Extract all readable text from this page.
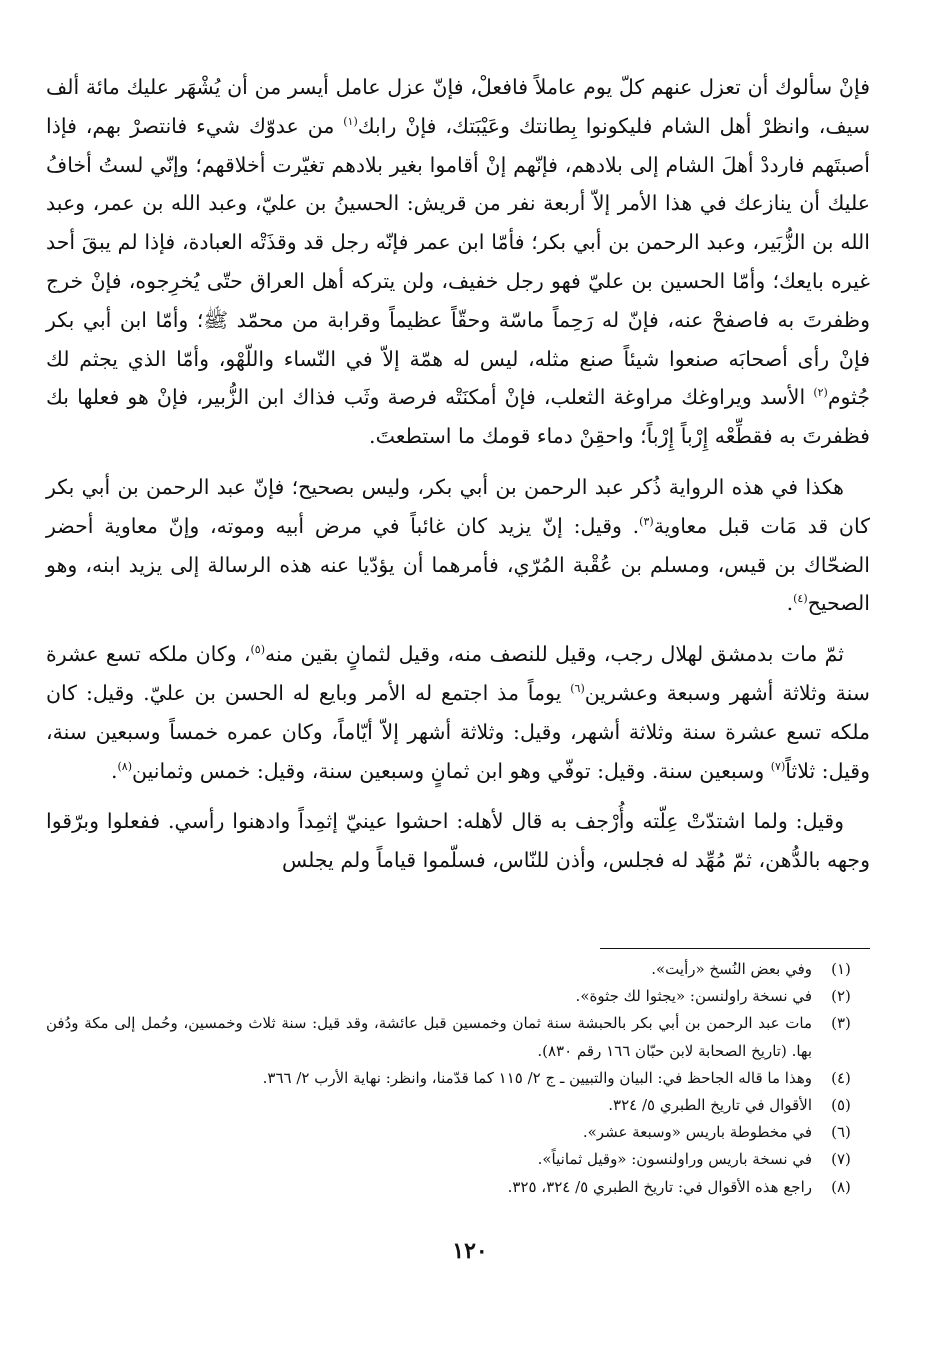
فإنْ سألوك أن تعزل عنهم كلّ يوم عاملاً فافعلْ، فإنّ عزل عامل أيسر من أن يُشْهَر عليك مائة ألف سيف، وانظرْ أهل الشام فليكونوا بِطانتك وعَيْبَتك، فإنْ رابك$^{(١)}$ من عدوّك شيء فانتصرْ بهم، فإذا أصبتَهم فارددْ أهلَ الشام إلى بلادهم، فإنّهم إنْ أقاموا بغير بلادهم تغيّرت أخلاقهم؛ وإنّي لستُ أخافُ عليك أن ينازعك في هذا الأمر إلاّ أربعة نفر من قريش: الحسينُ بن عليّ، وعبد الله بن عمر، وعبد الله بن الزُّبَير، وعبد الرحمن بن أبي بكر؛ فأمّا ابن عمر فإنّه رجل قد وقذَتْه العبادة، فإذا لم يبقَ أحد غيره بايعك؛ وأمّا الحسين بن عليّ فهو رجل خفيف، ولن يتركه أهل العراق حتّى يُخرِجوه، فإنْ خرج وظفرتَ به فاصفحْ عنه، فإنّ له رَحِماً ماسّة وحقّاً عظيماً وقرابة من محمّد ﷺ؛ وأمّا ابن أبي بكر فإنْ رأى أصحابَه صنعوا شيئاً صنع مثله، ليس له همّة إلاّ في النّساء واللّهْو، وأمّا الذي يجثم لك جُثوم$^{(٢)}$ الأسد ويراوغك مراوغة الثعلب، فإنْ أمكنَتْه فرصة وثَب فذاك ابن الزُّبير، فإنْ هو فعلها بك فظفرتَ به فقطِّعْه إِرْباً إِرْباً؛ واحقِنْ دماء قومك ما استطعتَ.

هكذا في هذه الرواية ذُكر عبد الرحمن بن أبي بكر، وليس بصحيح؛ فإنّ عبد الرحمن بن أبي بكر كان قد مَات قبل معاوية$^{(٣)}$. وقيل: إنّ يزيد كان غائباً في مرض أبيه وموته، وإنّ معاوية أحضر الضحّاك بن قيس، ومسلم بن عُقْبة المُرّي، فأمرهما أن يؤدّيا عنه هذه الرسالة إلى يزيد ابنه، وهو الصحيح$^{(٤)}$.

ثمّ مات بدمشق لهلال رجب، وقيل للنصف منه، وقيل لثمانٍ بقين منه$^{(٥)}$، وكان ملكه تسع عشرة سنة وثلاثة أشهر وسبعة وعشرين$^{(٦)}$ يوماً مذ اجتمع له الأمر وبايع له الحسن بن عليّ. وقيل: كان ملكه تسع عشرة سنة وثلاثة أشهر، وقيل: وثلاثة أشهر إلاّ أيّاماً، وكان عمره خمساً وسبعين سنة، وقيل: ثلاثاً$^{(٧)}$ وسبعين سنة. وقيل: توفّي وهو ابن ثمانٍ وسبعين سنة، وقيل: خمس وثمانين$^{(٨)}$.

وقيل: ولما اشتدّتْ عِلّته وأُرْجف به قال لأهله: احشوا عينيّ إثمِداً وادهنوا رأسي. ففعلوا وبرّقوا وجهه بالدُّهن، ثمّ مُهِّد له فجلس، وأذن للنّاس، فسلّموا قياماً ولم يجلس

(١)
وفي بعض النُسخ «رأيت».
(٢)
في نسخة راولنسن: «يجثوا لك جثوة».
(٣)
مات عبد الرحمن بن أبي بكر بالحبشة سنة ثمان وخمسين قبل عائشة، وقد قيل: سنة ثلاث وخمسين، وحُمل إلى مكة ودُفن بها. (تاريخ الصحابة لابن حبّان ١٦٦ رقم ٨٣٠).
(٤)
وهذا ما قاله الجاحظ في: البيان والتبيين ـ ج ٢/ ١١٥ كما قدّمنا، وانظر: نهاية الأرب ٢/ ٣٦٦.
(٥)
الأقوال في تاريخ الطبري ٥/ ٣٢٤.
(٦)
في مخطوطة باريس «وسبعة عشر».
(٧)
في نسخة باريس وراولنسون: «وقيل ثمانياً».
(٨)
راجع هذه الأقوال في: تاريخ الطبري ٥/ ٣٢٤، ٣٢٥.
١٢٠
